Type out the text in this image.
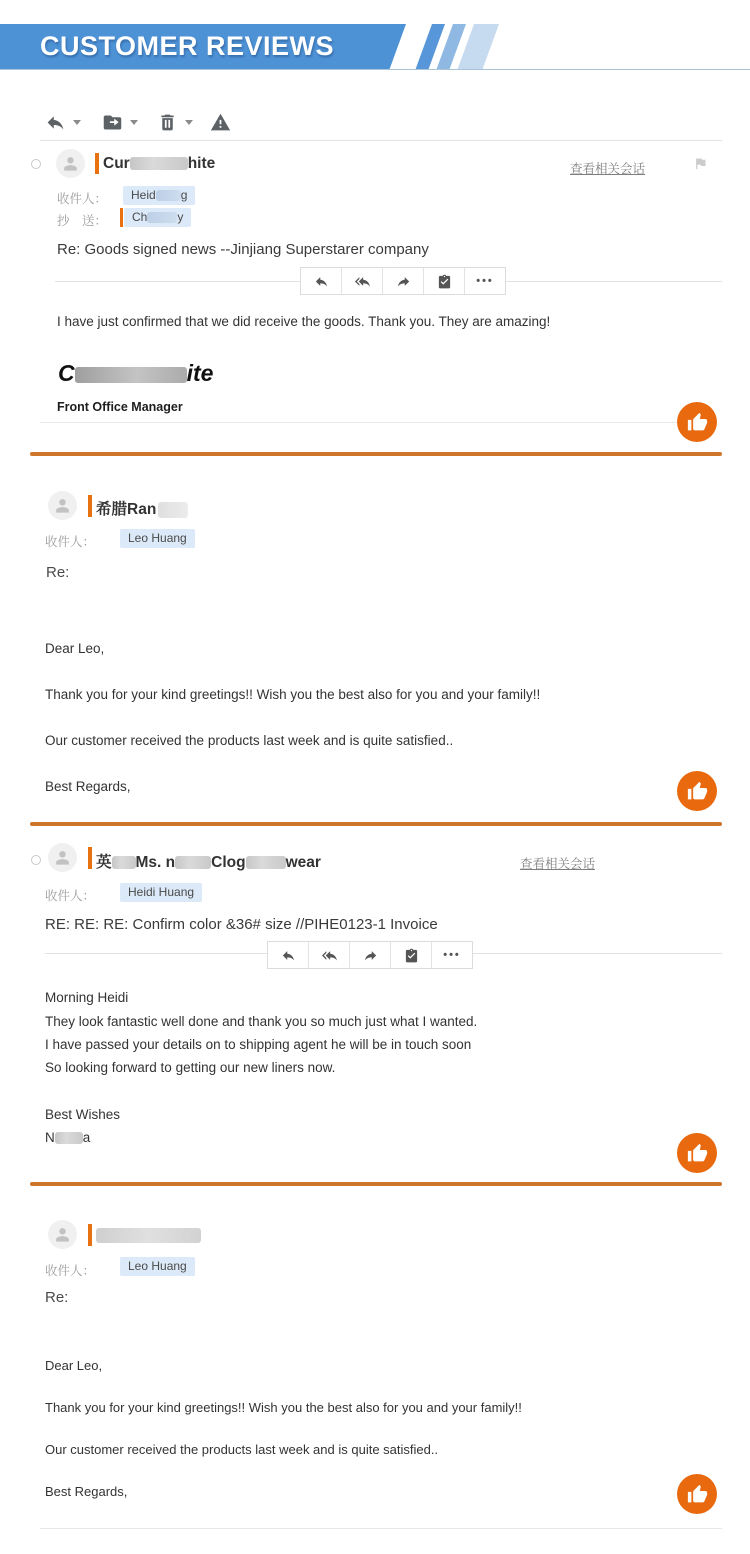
CUSTOMER REVIEWS
Cur	hite	查看相关会话
收件人：	Heid g
抄　送：	Ch	y
Re: Goods signed news --Jinjiang Superstarer company
•••
I have just confirmed that we did receive the goods. Thank you. They are amazing!
C	ite
Front Office Manager
希腊Ran
收件人：	Leo Huang
Re:
Dear Leo,
Thank you for your kind greetings!! Wish you the best also for you and your family!!
Our customer received the products last week and is quite satisfied..
Best Regards,
英 Ms. n Clog	wear	查看相关会话
收件人：	Heidi Huang
RE: RE: RE: Confirm color &36# size //PIHE0123-1 Invoice
•••
Morning Heidi
They look fantastic well done and thank you so much just what I wanted.
I have passed your details on to shipping agent he will be in touch soon
So looking forward to getting our new liners now.
Best Wishes
N a
收件人：	Leo Huang
Re:
Dear Leo,
Thank you for your kind greetings!! Wish you the best also for you and your family!!
Our customer received the products last week and is quite satisfied..
Best Regards,
